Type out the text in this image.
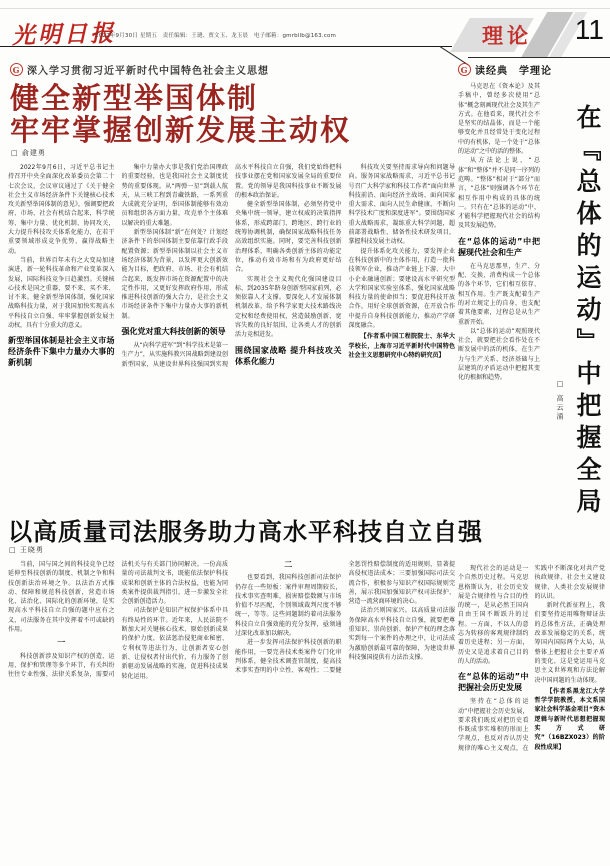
光明日报
2022年9月30日 星期五　责任编辑：王琎、贾文玉、龙玉晨　电子邮箱：gmrbllb@163.com	理论 11
G 深入学习贯彻习近平新时代中国特色社会主义思想	G 读经典　学理论
健全新型举国体制
牢牢掌握创新发展主动权
□ 俞建勇

2022年9月6日，习近平总书记主持召开中央全面深化改革委员会第二十七次会议，会议审议通过了《关于健全社会主义市场经济条件下关键核心技术攻关新型举国体制的意见》，强调要把政府、市场、社会有机结合起来，科学统筹、集中力量、优化机制、协同攻关，大力提升科技攻关体系化能力，在若干重要领域形成竞争优势、赢得战略主动。

当前，世界百年未有之大变局加速演进，新一轮科技革命和产业变革深入发展，国际科技竞争日趋激烈。关键核心技术是国之重器，要不来、买不来、讨不来。健全新型举国体制，强化国家战略科技力量，对于我国加快实现高水平科技自立自强、牢牢掌握创新发展主动权，具有十分重大的意义。

新型举国体制是社会主义市场经济条件下集中力量办大事的新机制

集中力量办大事是我们党治国理政的重要经验，也是我国社会主义制度优势的重要体现。从“两弹一星”到载人航天，从三峡工程到青藏铁路，一系列重大成就充分证明，举国体制能够有效动员和组织各方面力量，攻克单个主体难以解决的重大难题。

新型举国体制“新”在何处？计划经济条件下的举国体制主要依靠行政手段配置资源；新型举国体制以社会主义市场经济体制为背景，以发挥更大创新效能为目标，把政府、市场、社会有机结合起来，既发挥市场在资源配置中的决定性作用，又更好发挥政府作用，形成推进科技创新的强大合力，是社会主义市场经济条件下集中力量办大事的新机制。

强化党对重大科技创新的领导

从“向科学进军”到“科学技术是第一生产力”，从实施科教兴国战略到建设创新型国家，从建设世界科技强国到实现高水平科技自立自强，我们党始终把科技事业摆在党和国家发展全局的重要位置。党的领导是我国科技事业不断发展的根本政治保证。

健全新型举国体制，必须坚持党中央集中统一领导，建立权威的决策指挥体系，形成跨部门、跨地区、跨行业的统筹协调机制，确保国家战略科技任务高效组织实施。同时，要完善科技创新治理体系，明确各类创新主体的功能定位，推动有效市场和有为政府更好结合。

实现社会主义现代化强国建设目标，到2035年跻身创新型国家前列，必须依靠人才支撑。要深化人才发展体制机制改革，给予科学家更大技术路线决定权和经费使用权，营造鼓励创新、宽容失败的良好氛围，让各类人才的创新活力竞相迸发。

围绕国家战略 提升科技攻关体系化能力

科技攻关要坚持需求导向和问题导向。服务国家战略需求，习近平总书记号召广大科学家和科技工作者“面向世界科技前沿、面向经济主战场、面向国家重大需求、面向人民生命健康，不断向科学技术广度和深度进军”。要围绕国家重大战略需求，凝练重大科学问题，超前部署战略性、储备性技术研发项目，掌握科技发展主动权。

提升体系化攻关能力，要发挥企业在科技创新中的主体作用，打造一批科技领军企业，推动产业链上下游、大中小企业融通创新；要建设高水平研究型大学和国家实验室体系，强化国家战略科技力量的使命担当；要促进科技开放合作，用好全球创新资源，在开放合作中提升自身科技创新能力，推动产学研深度融合。

【作者系中国工程院院士、东华大学校长，上海市习近平新时代中国特色社会主义思想研究中心特约研究员】

以高质量司法服务助力高水平科技自立自强
□ 王晓勇

当前，国与国之间的科技竞争已经延伸至科技创新的制度、机制之争和科技创新法治环境之争。以法治方式推动、保障和规范科技创新，营造市场化、法治化、国际化的创新环境，是实现高水平科技自立自强的题中应有之义，司法服务在其中发挥着不可或缺的作用。

一

科技创新涉及知识产权的创造、运用、保护和管理等多个环节，有关纠纷往往专业性强、法律关系复杂，需要司法机关与有关部门协同解决。一份高质量的司法裁判文书，既能依法保护科技成果和创新主体的合法权益，也能为同类案件提供裁判指引，进一步激发全社会创新创造活力。

司法保护是知识产权保护体系中具有终局性的环节。近年来，人民法院不断加大对关键核心技术、原始创新成果的保护力度，依法惩治侵犯商业秘密、专利权等违法行为，让创新者安心创新、让侵权者付出代价，有力服务了创新驱动发展战略的实施，促进科技成果转化运用。

二

也要看到，我国科技创新司法保护仍存在一些短板：案件审理周期较长，技术事实查明难，损害赔偿数额与市场价值不尽匹配，个别领域裁判尺度不够统一，等等。这些问题制约着司法服务科技自立自强效能的充分发挥，亟须通过深化改革加以解决。

进一步发挥司法保护科技创新的职能作用，一要完善技术类案件专门化审判体系，健全技术调查官制度，提高技术事实查明的中立性、客观性；二要健全惩罚性赔偿制度的适用规则，显著提高侵权违法成本；三要加强国际司法交流合作，积极参与知识产权国际规则完善，展示我国加强知识产权司法保护、营造一流营商环境的决心。

法治兴则国家兴。以高质量司法服务保障高水平科技自立自强，就要把尊重知识、崇尚创新、保护产权的理念落实到每一个案件的办理之中，让司法成为激励创新最可靠的保障，为建设世界科技强国提供有力法治支撑。

马克思在《资本论》及其手稿中，曾经多次使用“总体”概念刻画现代社会及其生产方式。在他看来，现代社会不是坚实的结晶体，而是一个能够变化并且经常处于变化过程中的有机体，是一个处于“总体的运动”之中的活的整体。

从方法论上说，“总体”和“整体”并不是同一序列的范畴。“整体”相对于“部分”而言，“总体”则强调各个环节在相互作用中构成的具体的统一。只有在“总体的运动”中，才能科学把握现代社会的结构及其发展趋势。

在“总体的运动”中把握现代社会和生产

在马克思那里，生产、分配、交换、消费构成一个总体的各个环节，它们相互依存、相互作用。生产既支配着生产的对立规定上的自身，也支配着其他要素，过程总是从生产重新开始。

以“总体的运动”观照现代社会，就要把社会看作处在不断发展中的活的机体，在生产力与生产关系、经济基础与上层建筑的矛盾运动中把握其变化的根据和趋势。	在『总体的运动』中把握全局
□ 高云涌

现代社会的运动是一个自然历史过程。马克思恩格斯认为，社会历史发展是合规律性与合目的性的统一，是从必然王国向自由王国不断跃升的过程。一方面，不以人的意志为转移的客观规律制约着历史进程；另一方面，历史又是追求着自己目的的人的活动。

在“总体的运动”中把握社会历史发展

坚持在“总体的运动”中把握社会历史发展，要求我们既反对把历史看作既成事实堆积的形而上学观点，也反对否认历史规律的唯心主义观点，在实践中不断深化对共产党执政规律、社会主义建设规律、人类社会发展规律的认识。

新时代新征程上，我们要坚持运用唯物辩证法的总体性方法，正确处理改革发展稳定的关系，统筹国内国际两个大局，从整体上把握社会主要矛盾的变化，这是党运用马克思主义世界观和方法论解决中国问题的生动体现。

【作者系黑龙江大学哲学学院教授，本文系国家社会科学基金项目“资本逻辑与新时代思想把握现实方式研究”（16BZX023）的阶段性成果】
